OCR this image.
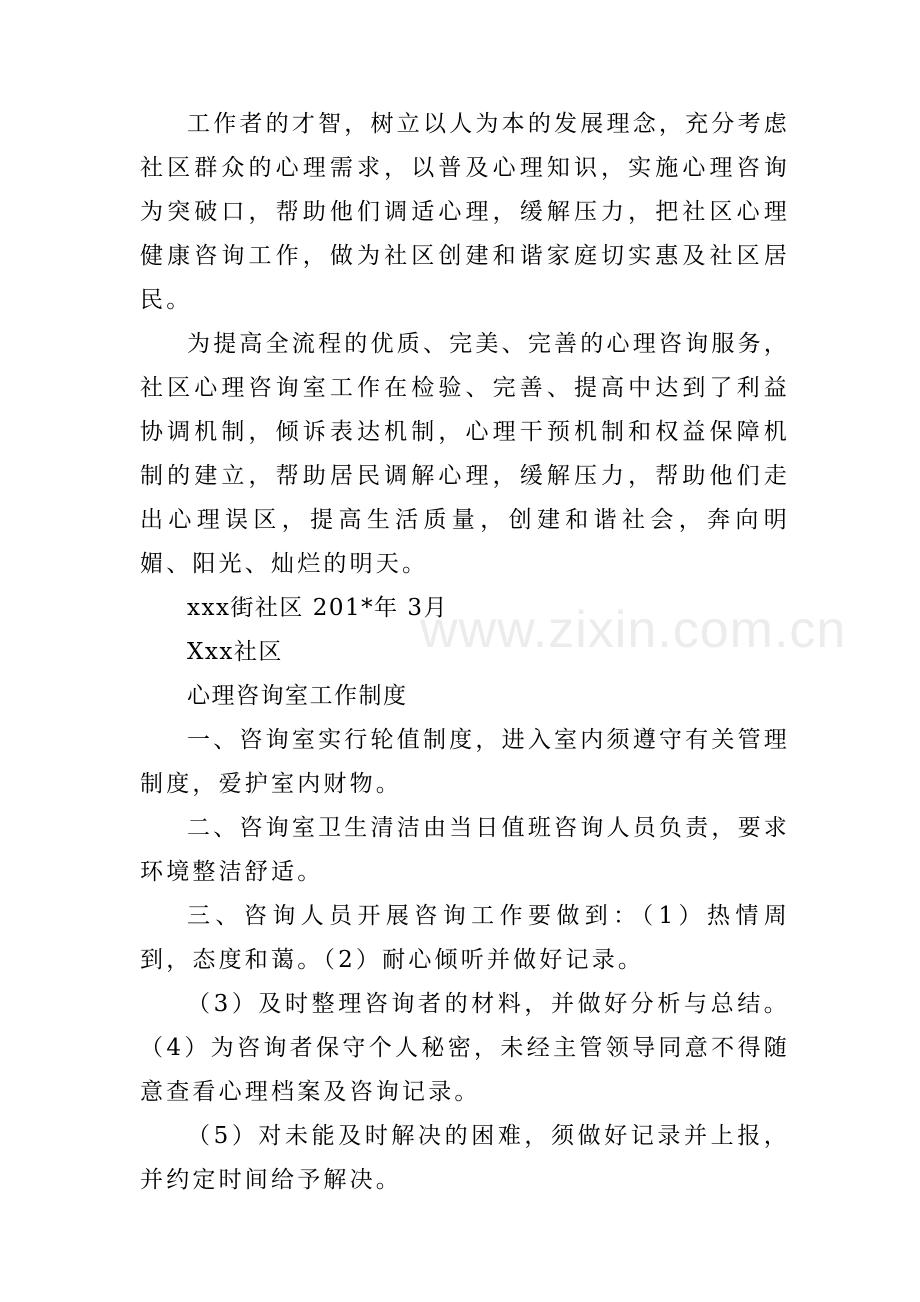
www.zixin.com.cn

工作者的才智，树立以人为本的发展理念，充分考虑社区群众的心理需求，以普及心理知识，实施心理咨询为突破口，帮助他们调适心理，缓解压力，把社区心理健康咨询工作，做为社区创建和谐家庭切实惠及社区居民。

为提高全流程的优质、完美、完善的心理咨询服务，社区心理咨询室工作在检验、完善、提高中达到了利益协调机制，倾诉表达机制，心理干预机制和权益保障机制的建立，帮助居民调解心理，缓解压力，帮助他们走出心理误区，提高生活质量，创建和谐社会，奔向明媚、阳光、灿烂的明天。

xxx街社区 201*年 3月

Xxx社区

心理咨询室工作制度

一、咨询室实行轮值制度，进入室内须遵守有关管理制度，爱护室内财物。

二、咨询室卫生清洁由当日值班咨询人员负责，要求环境整洁舒适。

三、咨询人员开展咨询工作要做到：（1）热情周到，态度和蔼。（2）耐心倾听并做好记录。

（3）及时整理咨询者的材料，并做好分析与总结。（4）为咨询者保守个人秘密，未经主管领导同意不得随意查看心理档案及咨询记录。

（5）对未能及时解决的困难，须做好记录并上报，并约定时间给予解决。
